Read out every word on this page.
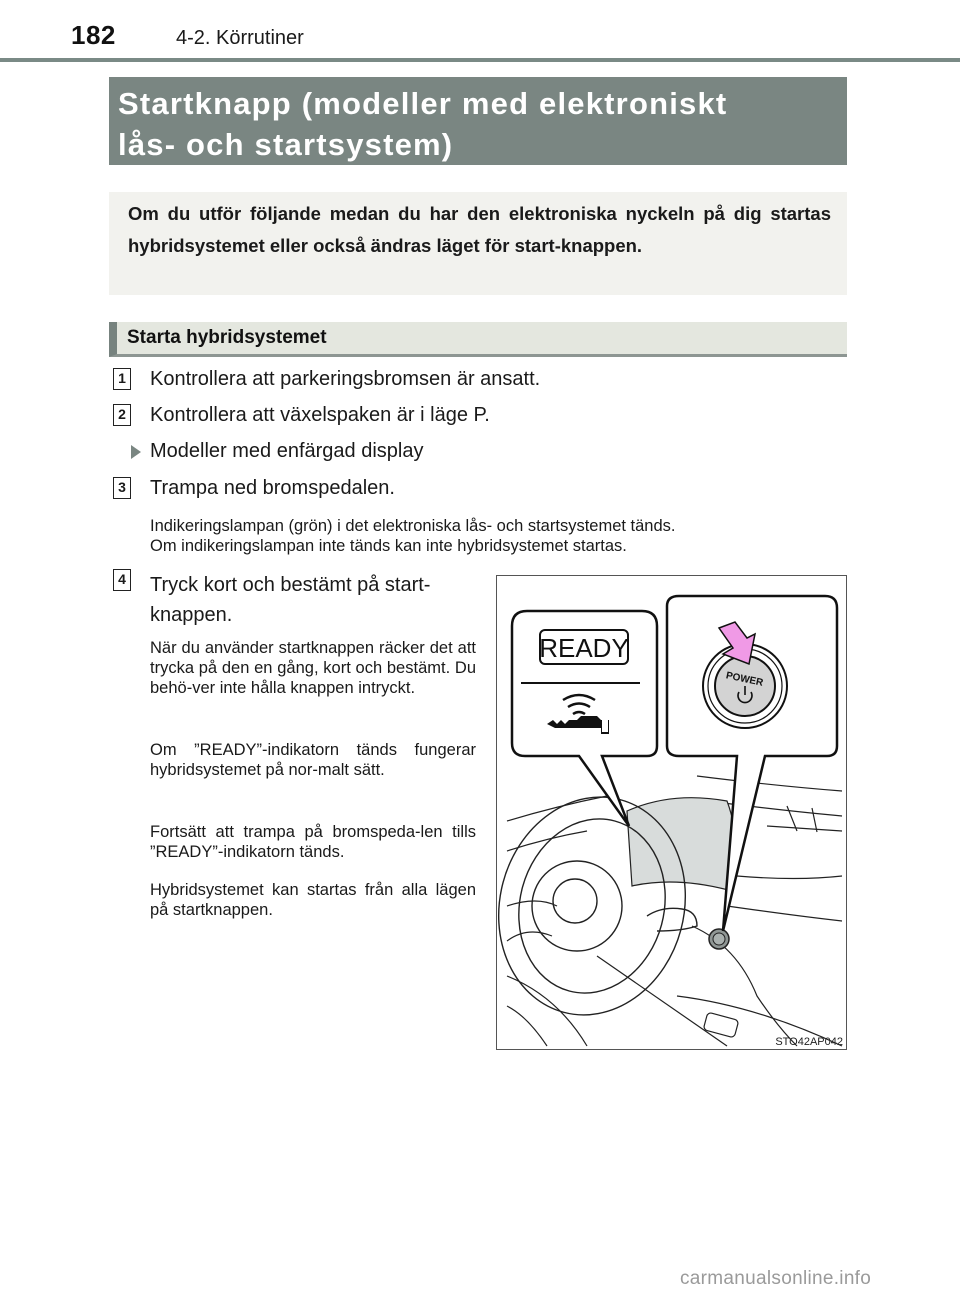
182	4-2. Körrutiner
Startknapp (modeller med elektroniskt
lås- och startsystem)
Om du utför följande medan du har den elektroniska nyckeln på dig startas hybridsystemet eller också ändras läget för start-knappen.
Starta hybridsystemet
1 Kontrollera att parkeringsbromsen är ansatt.
2 Kontrollera att växelspaken är i läge P.
Modeller med enfärgad display
3 Trampa ned bromspedalen.
Indikeringslampan (grön) i det elektroniska lås- och startsystemet tänds.
Om indikeringslampan inte tänds kan inte hybridsystemet startas.
4 Tryck kort och bestämt på start-
knappen.
När du använder startknappen räcker det att trycka på den en gång, kort och bestämt. Du behö-ver inte hålla knappen intryckt.
Om ”READY”-indikatorn tänds fungerar hybridsystemet på nor-malt sätt.
Fortsätt att trampa på bromspeda-len tills ”READY”-indikatorn tänds.
Hybridsystemet kan startas från alla lägen på startknappen.
READY
POWER
STO42AP042
carmanualsonline.info
